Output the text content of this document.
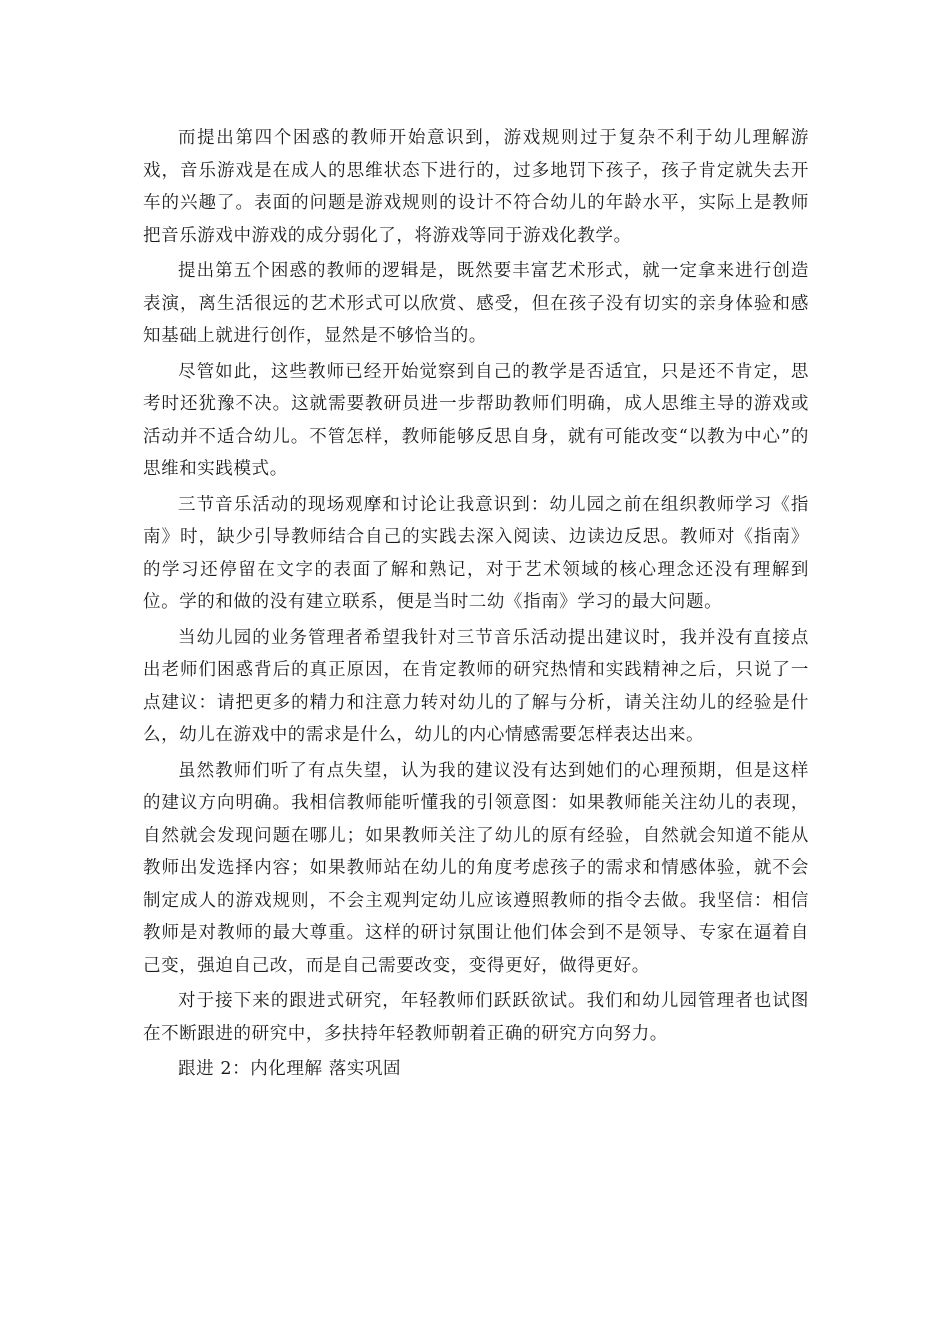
而提出第四个困惑的教师开始意识到，游戏规则过于复杂不利于幼儿理解游戏，音乐游戏是在成人的思维状态下进行的，过多地罚下孩子，孩子肯定就失去开车的兴趣了。表面的问题是游戏规则的设计不符合幼儿的年龄水平，实际上是教师把音乐游戏中游戏的成分弱化了，将游戏等同于游戏化教学。

提出第五个困惑的教师的逻辑是，既然要丰富艺术形式，就一定拿来进行创造表演，离生活很远的艺术形式可以欣赏、感受，但在孩子没有切实的亲身体验和感知基础上就进行创作，显然是不够恰当的。

尽管如此，这些教师已经开始觉察到自己的教学是否适宜，只是还不肯定，思考时还犹豫不决。这就需要教研员进一步帮助教师们明确，成人思维主导的游戏或活动并不适合幼儿。不管怎样，教师能够反思自身，就有可能改变“以教为中心”的思维和实践模式。

三节音乐活动的现场观摩和讨论让我意识到：幼儿园之前在组织教师学习《指南》时，缺少引导教师结合自己的实践去深入阅读、边读边反思。教师对《指南》的学习还停留在文字的表面了解和熟记，对于艺术领域的核心理念还没有理解到位。学的和做的没有建立联系，便是当时二幼《指南》学习的最大问题。

当幼儿园的业务管理者希望我针对三节音乐活动提出建议时，我并没有直接点出老师们困惑背后的真正原因，在肯定教师的研究热情和实践精神之后，只说了一点建议：请把更多的精力和注意力转对幼儿的了解与分析，请关注幼儿的经验是什么，幼儿在游戏中的需求是什么，幼儿的内心情感需要怎样表达出来。

虽然教师们听了有点失望，认为我的建议没有达到她们的心理预期，但是这样的建议方向明确。我相信教师能听懂我的引领意图：如果教师能关注幼儿的表现，自然就会发现问题在哪儿；如果教师关注了幼儿的原有经验，自然就会知道不能从教师出发选择内容；如果教师站在幼儿的角度考虑孩子的需求和情感体验，就不会制定成人的游戏规则，不会主观判定幼儿应该遵照教师的指令去做。我坚信：相信教师是对教师的最大尊重。这样的研讨氛围让他们体会到不是领导、专家在逼着自己变，强迫自己改，而是自己需要改变，变得更好，做得更好。

对于接下来的跟进式研究，年轻教师们跃跃欲试。我们和幼儿园管理者也试图在不断跟进的研究中，多扶持年轻教师朝着正确的研究方向努力。

跟进 2：内化理解 落实巩固
